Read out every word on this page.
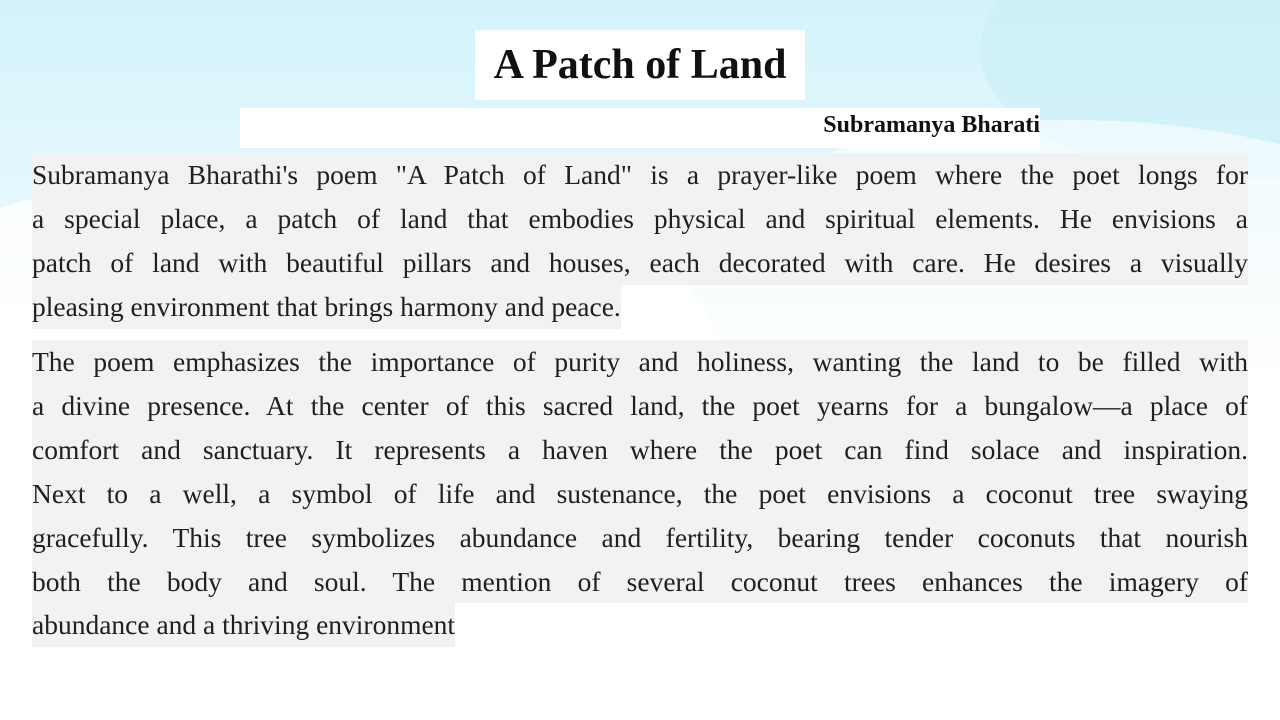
A Patch of Land
Subramanya Bharati
Subramanya Bharathi's poem "A Patch of Land" is a prayer-like poem where the poet longs for
a special place, a patch of land that embodies physical and spiritual elements. He envisions a
patch of land with beautiful pillars and houses, each decorated with care. He desires a visually
pleasing environment that brings harmony and peace.
The poem emphasizes the importance of purity and holiness, wanting the land to be filled with
a divine presence. At the center of this sacred land, the poet yearns for a bungalow—a place of
comfort and sanctuary. It represents a haven where the poet can find solace and inspiration.
Next to a well, a symbol of life and sustenance, the poet envisions a coconut tree swaying
gracefully. This tree symbolizes abundance and fertility, bearing tender coconuts that nourish
both the body and soul. The mention of several coconut trees enhances the imagery of
abundance and a thriving environment
